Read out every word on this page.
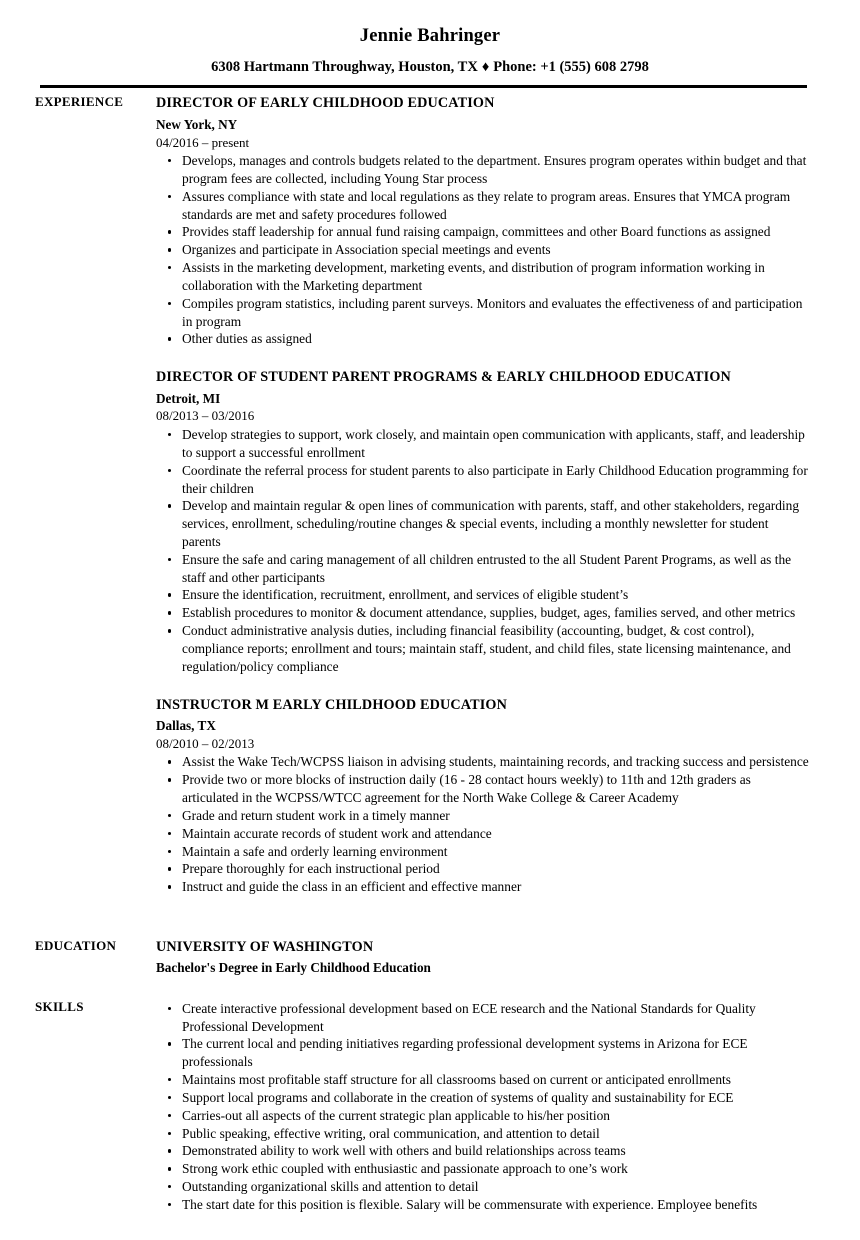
Jennie Bahringer
6308 Hartmann Throughway, Houston, TX ♦ Phone: +1 (555) 608 2798
EXPERIENCE	DIRECTOR OF EARLY CHILDHOOD EDUCATION
New York, NY
04/2016 – present
Develops, manages and controls budgets related to the department. Ensures program operates within budget and that program fees are collected, including Young Star process
Assures compliance with state and local regulations as they relate to program areas. Ensures that YMCA program standards are met and safety procedures followed
Provides staff leadership for annual fund raising campaign, committees and other Board functions as assigned
Organizes and participate in Association special meetings and events
Assists in the marketing development, marketing events, and distribution of program information working in collaboration with the Marketing department
Compiles program statistics, including parent surveys. Monitors and evaluates the effectiveness of and participation in program
Other duties as assigned
DIRECTOR OF STUDENT PARENT PROGRAMS & EARLY CHILDHOOD EDUCATION
Detroit, MI
08/2013 – 03/2016
Develop strategies to support, work closely, and maintain open communication with applicants, staff, and leadership to support a successful enrollment
Coordinate the referral process for student parents to also participate in Early Childhood Education programming for their children
Develop and maintain regular & open lines of communication with parents, staff, and other stakeholders, regarding services, enrollment, scheduling/routine changes & special events, including a monthly newsletter for student parents
Ensure the safe and caring management of all children entrusted to the all Student Parent Programs, as well as the staff and other participants
Ensure the identification, recruitment, enrollment, and services of eligible student’s
Establish procedures to monitor & document attendance, supplies, budget, ages, families served, and other metrics
Conduct administrative analysis duties, including financial feasibility (accounting, budget, & cost control), compliance reports; enrollment and tours; maintain staff, student, and child files, state licensing maintenance, and regulation/policy compliance
INSTRUCTOR M EARLY CHILDHOOD EDUCATION
Dallas, TX
08/2010 – 02/2013
Assist the Wake Tech/WCPSS liaison in advising students, maintaining records, and tracking success and persistence
Provide two or more blocks of instruction daily (16 - 28 contact hours weekly) to 11th and 12th graders as articulated in the WCPSS/WTCC agreement for the North Wake College & Career Academy
Grade and return student work in a timely manner
Maintain accurate records of student work and attendance
Maintain a safe and orderly learning environment
Prepare thoroughly for each instructional period
Instruct and guide the class in an efficient and effective manner
EDUCATION	UNIVERSITY OF WASHINGTON
Bachelor's Degree in Early Childhood Education
SKILLS	Create interactive professional development based on ECE research and the National Standards for Quality Professional Development
The current local and pending initiatives regarding professional development systems in Arizona for ECE professionals
Maintains most profitable staff structure for all classrooms based on current or anticipated enrollments
Support local programs and collaborate in the creation of systems of quality and sustainability for ECE
Carries-out all aspects of the current strategic plan applicable to his/her position
Public speaking, effective writing, oral communication, and attention to detail
Demonstrated ability to work well with others and build relationships across teams
Strong work ethic coupled with enthusiastic and passionate approach to one’s work
Outstanding organizational skills and attention to detail
The start date for this position is flexible. Salary will be commensurate with experience. Employee benefits
